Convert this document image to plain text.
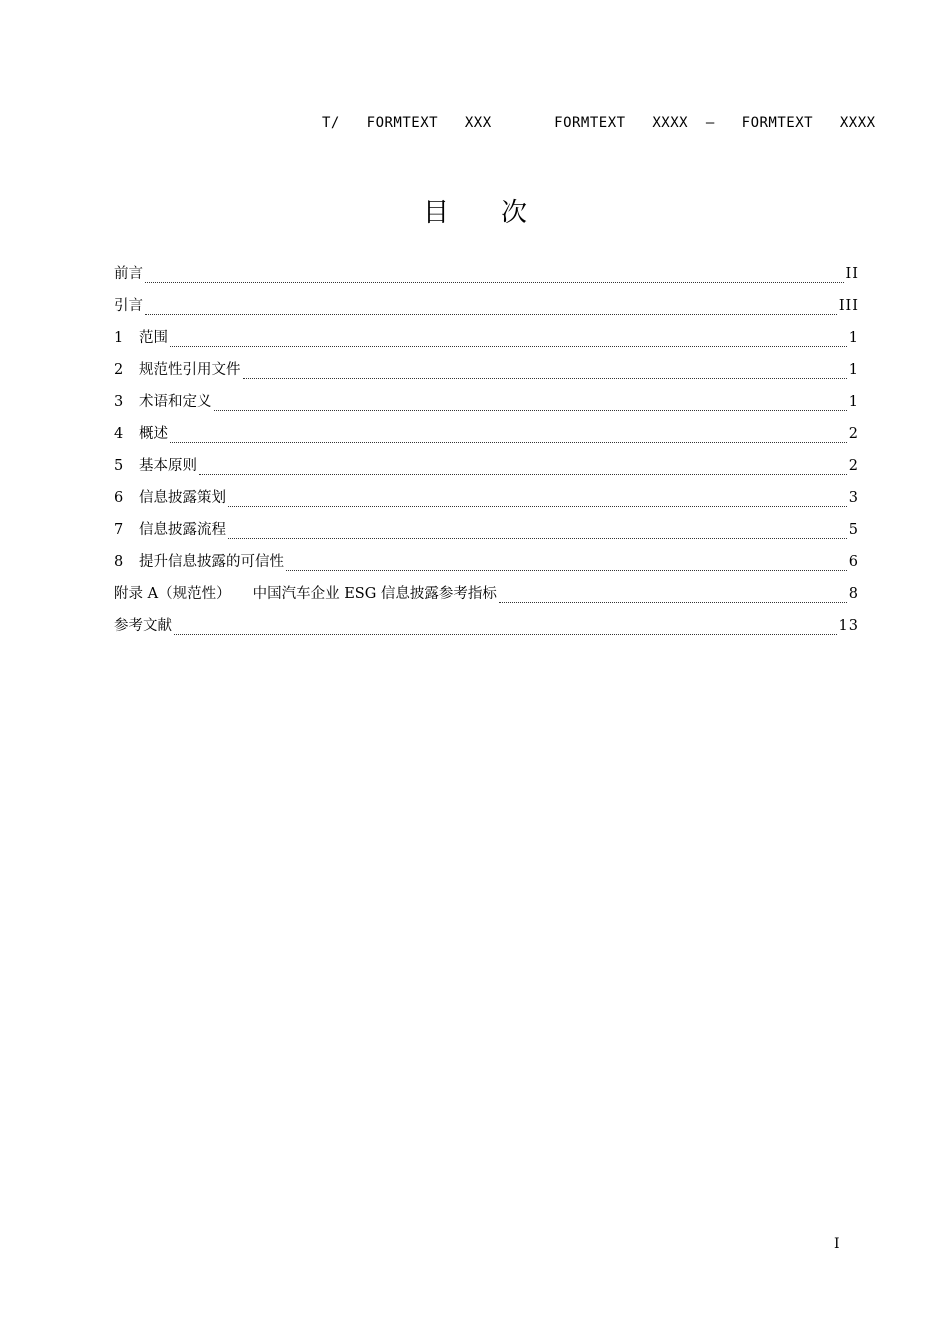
T/   FORMTEXT   XXX       FORMTEXT   XXXX  —   FORMTEXT   XXXX
目 次
前言	II
引言	III
1	范围	1
2	规范性引用文件	1
3	术语和定义	1
4	概述	2
5	基本原则	2
6	信息披露策划	3
7	信息披露流程	5
8	提升信息披露的可信性	6
附录 A（规范性） 中国汽车企业 ESG 信息披露参考指标	8
参考文献	13
I
